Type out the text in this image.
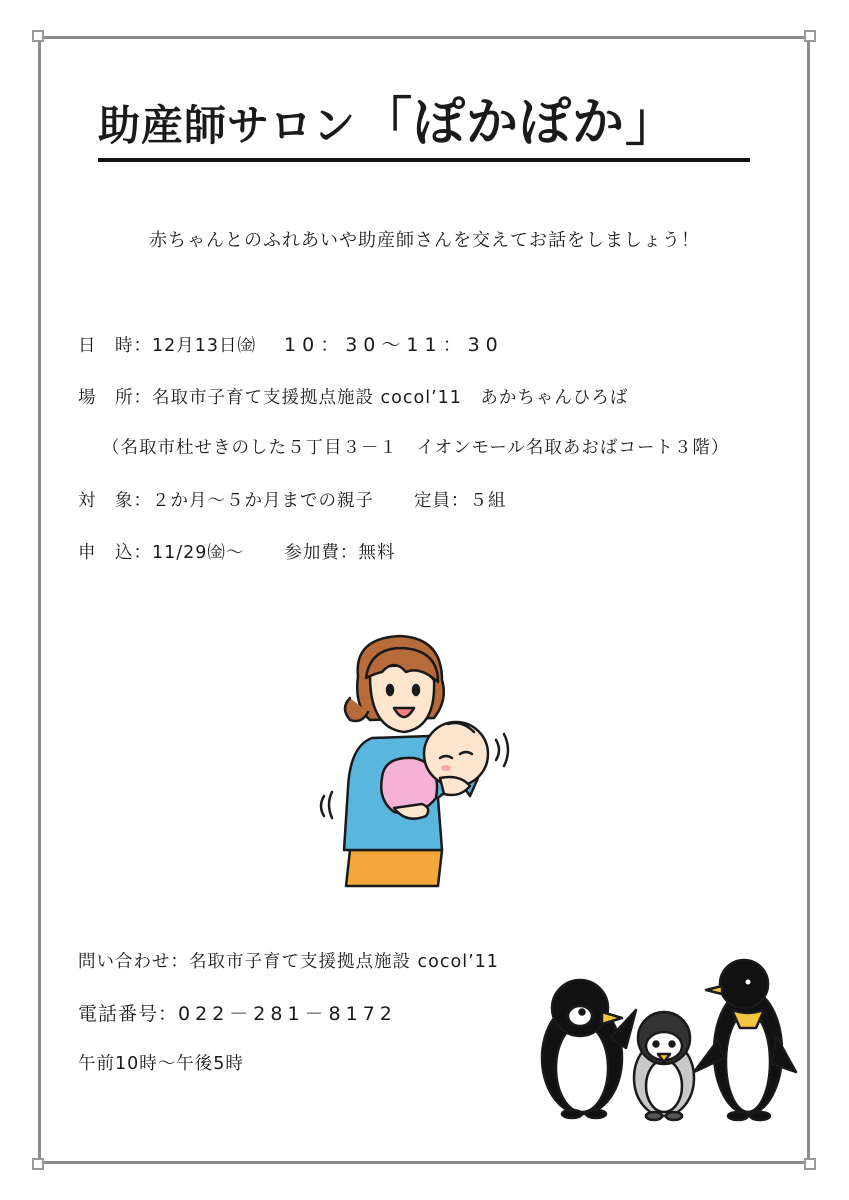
助産師サロン「ぽかぽか」
赤ちゃんとのふれあいや助産師さんを交えてお話をしましょう！
日　時：12月13日㈮ 10：30～11：30
場　所：名取市子育て支援拠点施設 cocol’11　あかちゃんひろば
（名取市杜せきのした５丁目３－１　イオンモール名取あおばコート３階）
対　象：２か月～５か月までの親子 定員：５組
申　込：11/29㈮～ 参加費：無料
問い合わせ：名取市子育て支援拠点施設 cocol’11
電話番号：022－281－8172
午前10時～午後5時
